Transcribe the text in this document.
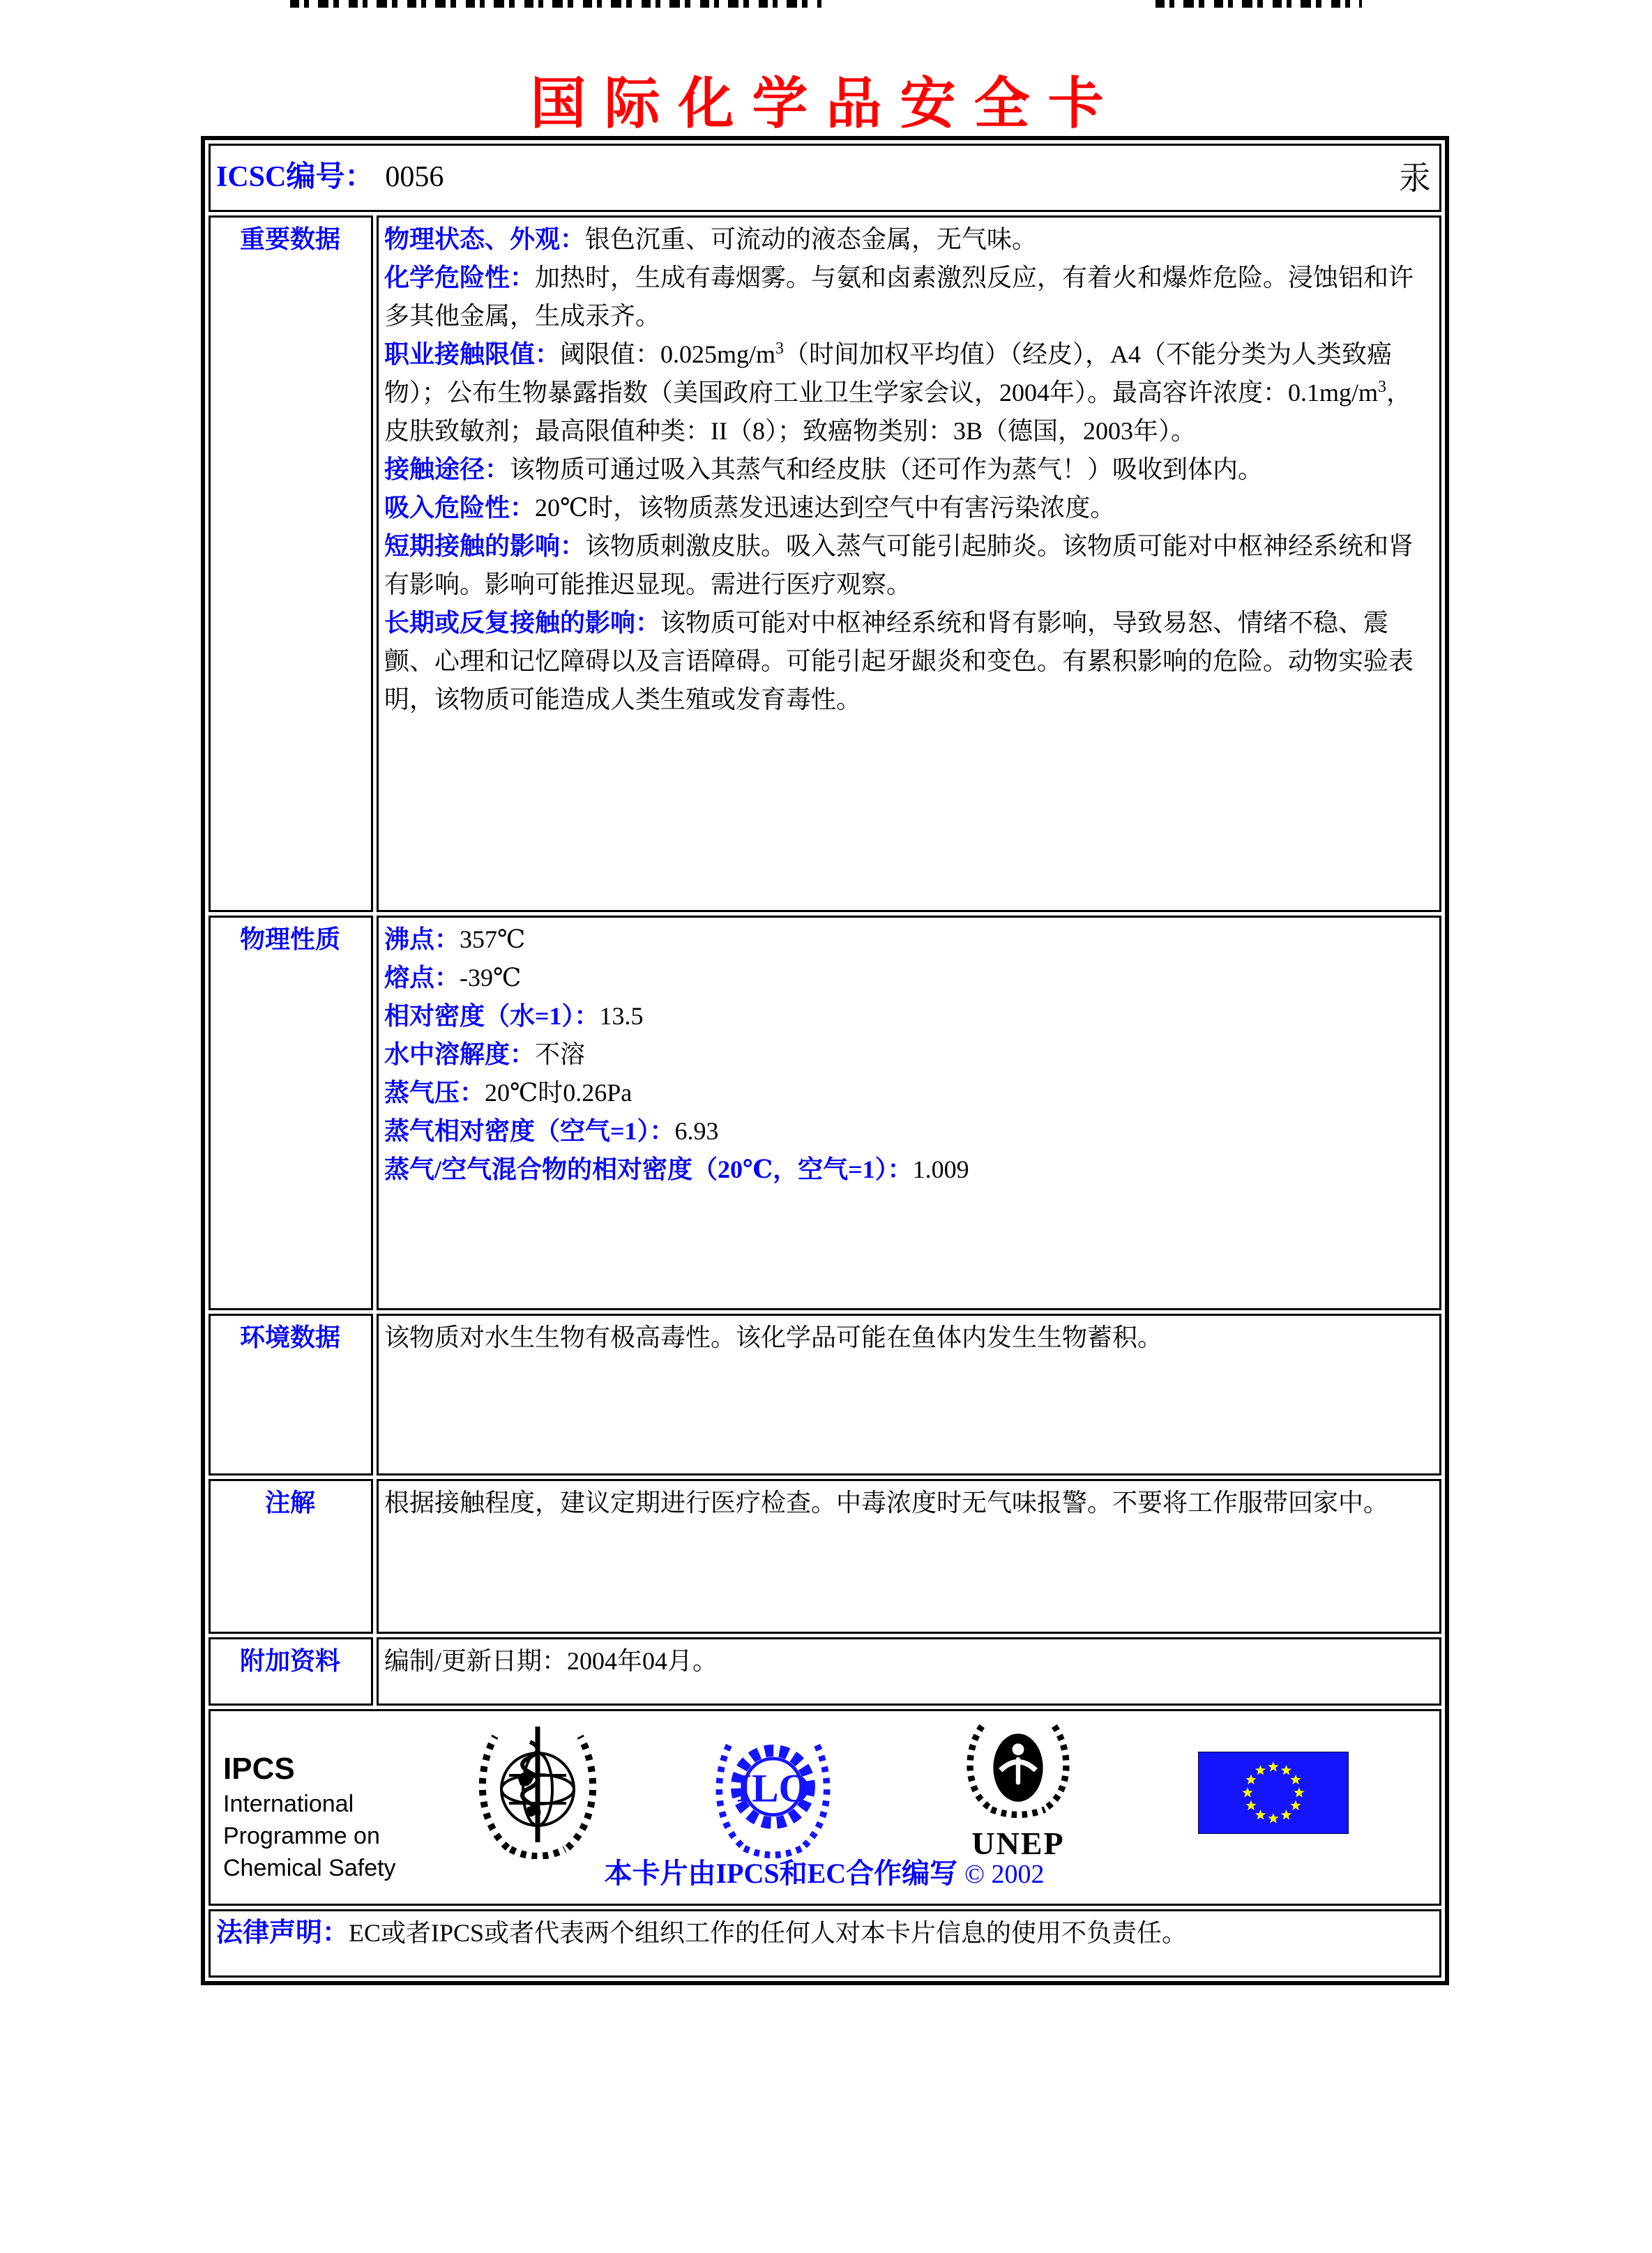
国际化学品安全卡
ICSC编号： 0056 汞	

重要数据	物理状态、外观：银色沉重、可流动的液态金属，无气味。

化学危险性：加热时，生成有毒烟雾。与氨和卤素激烈反应，有着火和爆炸危险。浸蚀铝和许多其他金属，生成汞齐。

职业接触限值：阈限值：$0.025mg/m^3$（时间加权平均值）（经皮），A4（不能分类为人类致癌物）；公布生物暴露指数（美国政府工业卫生学家会议，2004年）。最高容许浓度：$0.1mg/m^3$，皮肤致敏剂；最高限值种类：II（8）；致癌物类别：3B（德国，2003年）。

接触途径：该物质可通过吸入其蒸气和经皮肤（还可作为蒸气！）吸收到体内。

吸入危险性：20℃时，该物质蒸发迅速达到空气中有害污染浓度。

短期接触的影响：该物质刺激皮肤。吸入蒸气可能引起肺炎。该物质可能对中枢神经系统和肾有影响。影响可能推迟显现。需进行医疗观察。

长期或反复接触的影响：该物质可能对中枢神经系统和肾有影响，导致易怒、情绪不稳、震颤、心理和记忆障碍以及言语障碍。可能引起牙龈炎和变色。有累积影响的危险。动物实验表明，该物质可能造成人类生殖或发育毒性。

物理性质	沸点：357℃

熔点：-39℃

相对密度（水=1）：13.5

水中溶解度：不溶

蒸气压：20℃时0.26Pa

蒸气相对密度（空气=1）：6.93

蒸气/空气混合物的相对密度（20℃，空气=1）：1.009

环境数据	该物质对水生生物有极高毒性。该化学品可能在鱼体内发生生物蓄积。
注解	根据接触程度，建议定期进行医疗检查。中毒浓度时无气味报警。不要将工作服带回家中。
附加资料	编制/更新日期：2004年04月。

IPCS
International
Programme on
Chemical Safety
ILO
UNEP
本卡片由IPCS和EC合作编写 © 2002

法律声明：EC或者IPCS或者代表两个组织工作的任何人对本卡片信息的使用不负责任。	
